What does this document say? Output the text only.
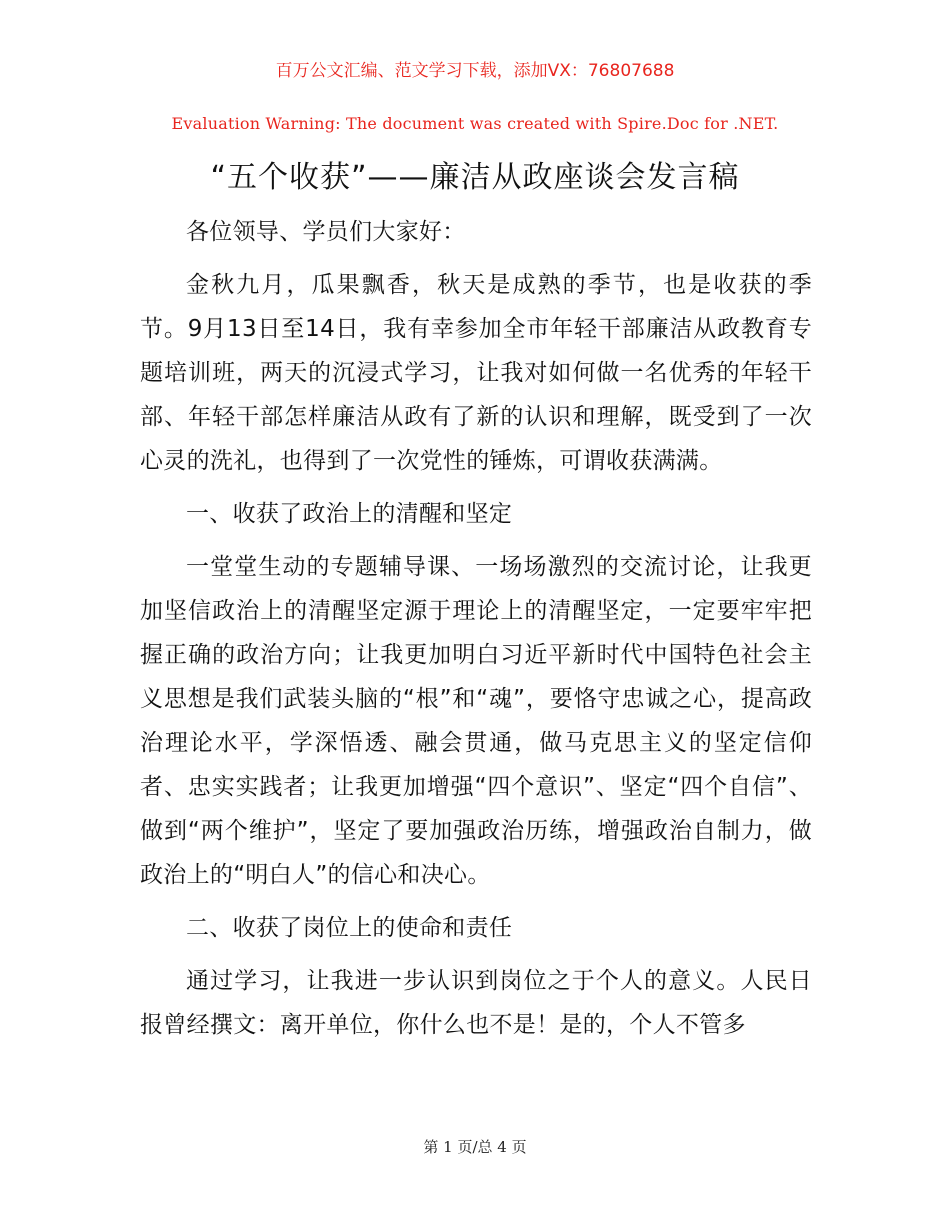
百万公文汇编、范文学习下载，添加VX：76807688
Evaluation Warning: The document was created with Spire.Doc for .NET.
“五个收获”——廉洁从政座谈会发言稿

各位领导、学员们大家好：

金秋九月，瓜果飘香，秋天是成熟的季节，也是收获的季节。9月13日至14日，我有幸参加全市年轻干部廉洁从政教育专题培训班，两天的沉浸式学习，让我对如何做一名优秀的年轻干部、年轻干部怎样廉洁从政有了新的认识和理解，既受到了一次心灵的洗礼，也得到了一次党性的锤炼，可谓收获满满。

一、收获了政治上的清醒和坚定

一堂堂生动的专题辅导课、一场场激烈的交流讨论，让我更加坚信政治上的清醒坚定源于理论上的清醒坚定，一定要牢牢把握正确的政治方向；让我更加明白习近平新时代中国特色社会主义思想是我们武装头脑的“根”和“魂”，要恪守忠诚之心，提高政治理论水平，学深悟透、融会贯通，做马克思主义的坚定信仰者、忠实实践者；让我更加增强“四个意识”、坚定“四个自信”、做到“两个维护”，坚定了要加强政治历练，增强政治自制力，做政治上的“明白人”的信心和决心。

二、收获了岗位上的使命和责任

通过学习，让我进一步认识到岗位之于个人的意义。人民日报曾经撰文：离开单位，你什么也不是！是的，个人不管多

第 1 页/总 4 页
